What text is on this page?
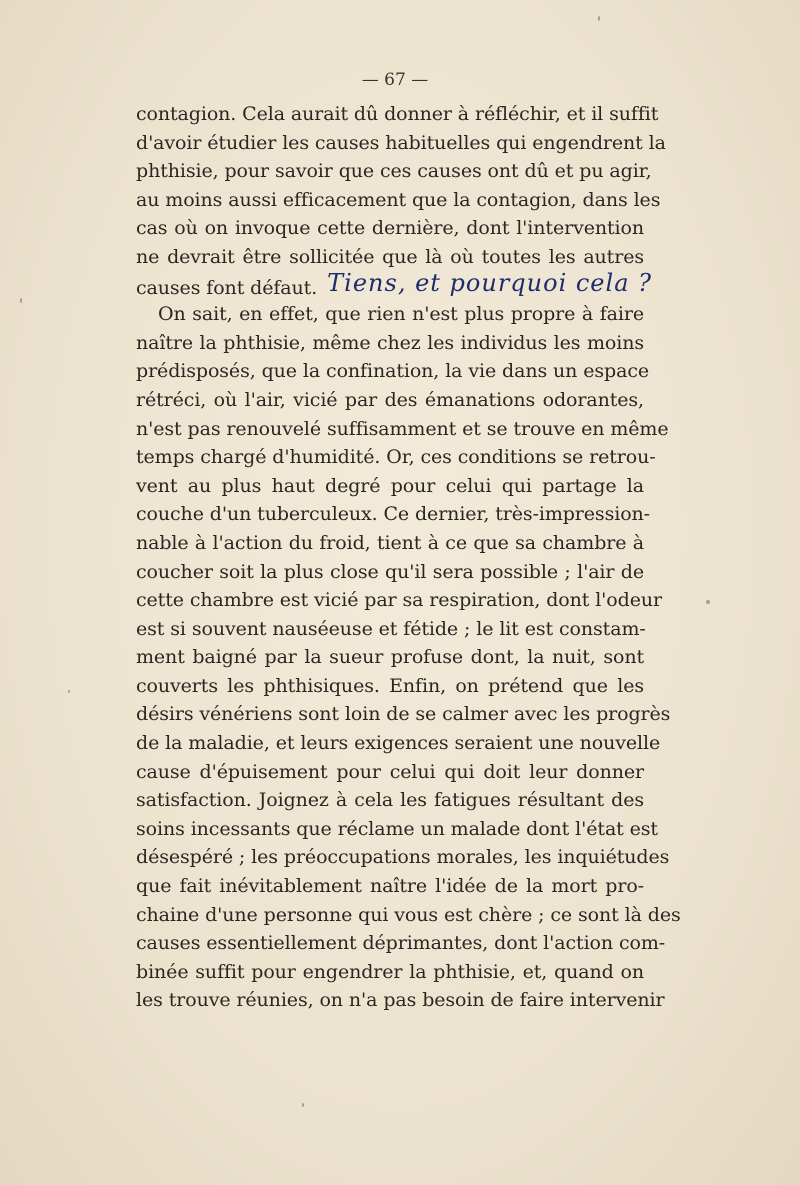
— 67 —
contagion. Cela aurait dû donner à réfléchir, et il suffit
d'avoir étudier les causes habituelles qui engendrent la
phthisie, pour savoir que ces causes ont dû et pu agir,
au moins aussi efficacement que la contagion, dans les
cas où on invoque cette dernière, dont l'intervention
ne devrait être sollicitée que là où toutes les autres
causes font défaut. Tiens, et pourquoi cela ?
On sait, en effet, que rien n'est plus propre à faire
naître la phthisie, même chez les individus les moins
prédisposés, que la confination, la vie dans un espace
rétréci, où l'air, vicié par des émanations odorantes,
n'est pas renouvelé suffisamment et se trouve en même
temps chargé d'humidité. Or, ces conditions se retrou-
vent au plus haut degré pour celui qui partage la
couche d'un tuberculeux. Ce dernier, très-impression-
nable à l'action du froid, tient à ce que sa chambre à
coucher soit la plus close qu'il sera possible ; l'air de
cette chambre est vicié par sa respiration, dont l'odeur
est si souvent nauséeuse et fétide ; le lit est constam-
ment baigné par la sueur profuse dont, la nuit, sont
couverts les phthisiques. Enfin, on prétend que les
désirs vénériens sont loin de se calmer avec les progrès
de la maladie, et leurs exigences seraient une nouvelle
cause d'épuisement pour celui qui doit leur donner
satisfaction. Joignez à cela les fatigues résultant des
soins incessants que réclame un malade dont l'état est
désespéré ; les préoccupations morales, les inquiétudes
que fait inévitablement naître l'idée de la mort pro-
chaine d'une personne qui vous est chère ; ce sont là des
causes essentiellement déprimantes, dont l'action com-
binée suffit pour engendrer la phthisie, et, quand on
les trouve réunies, on n'a pas besoin de faire intervenir
